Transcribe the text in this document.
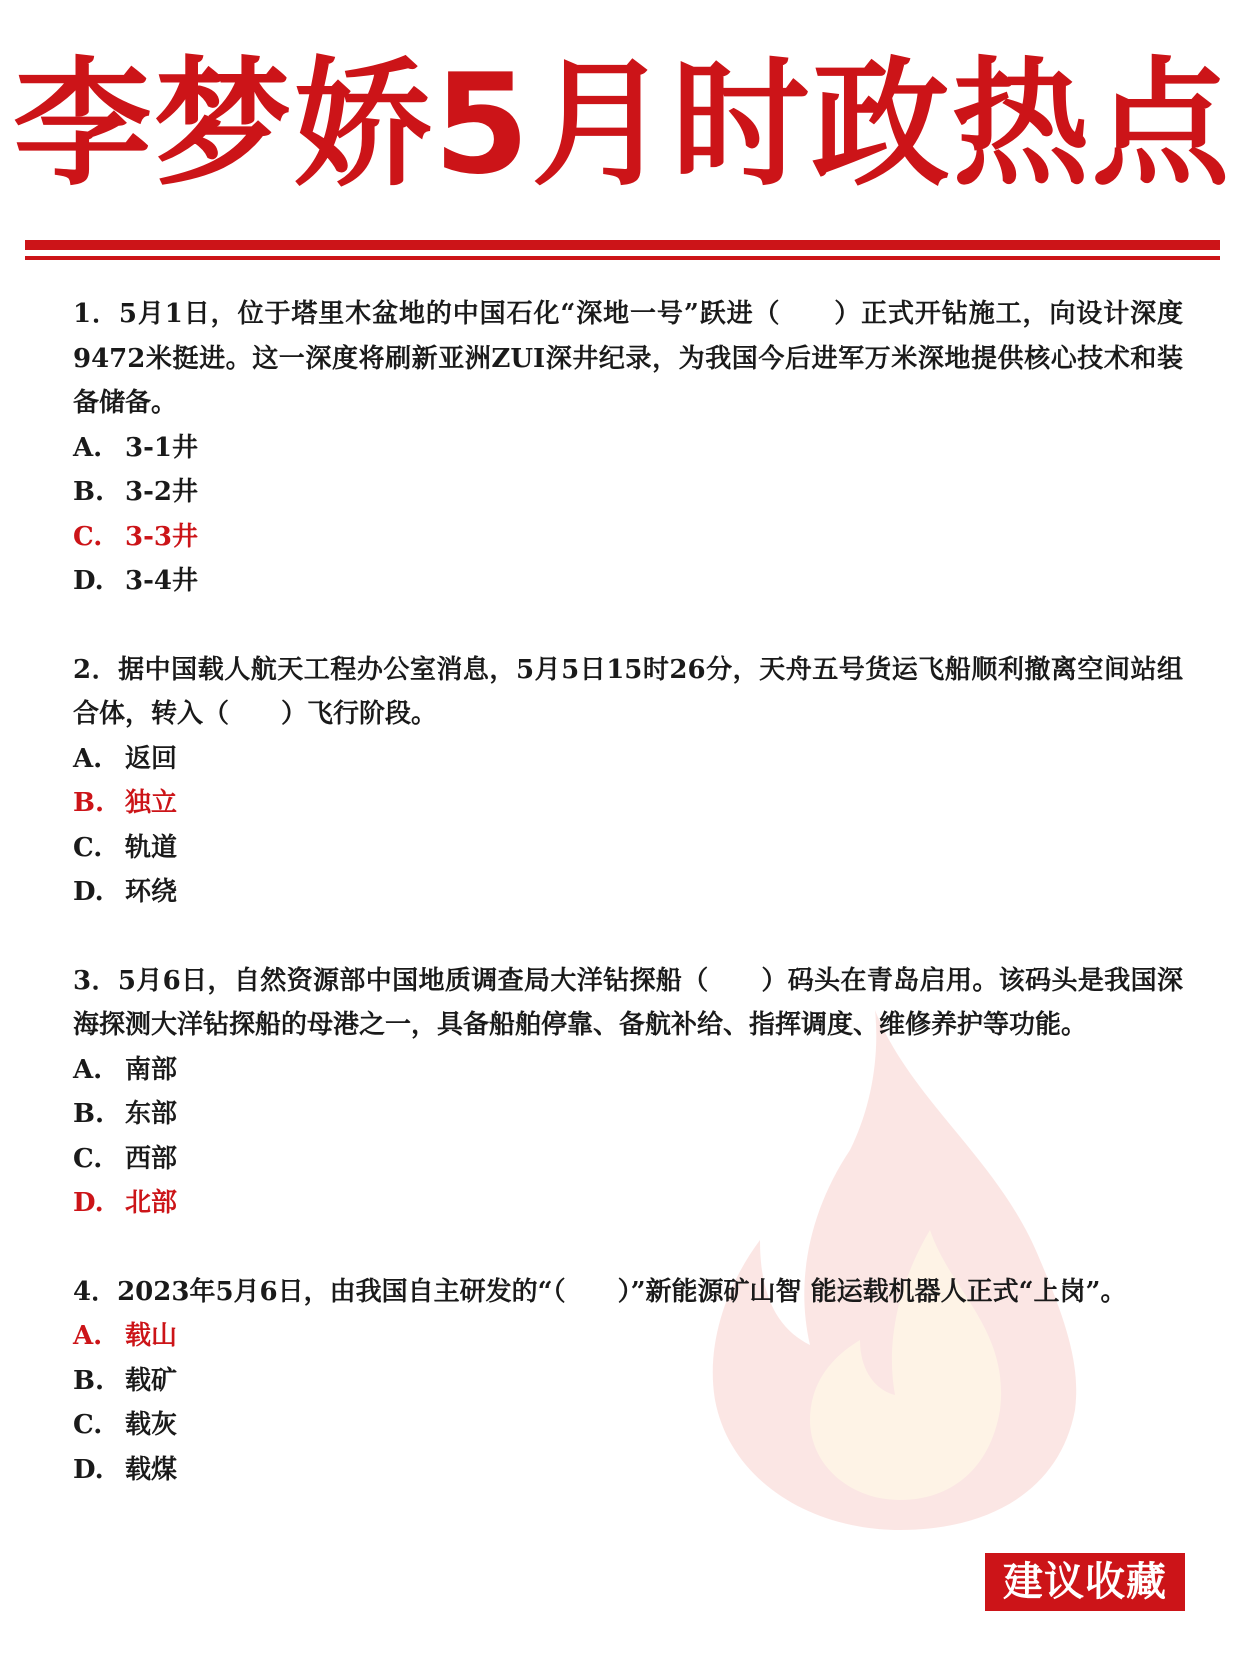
李梦娇5月时政热点

1．5月1日，位于塔里木盆地的中国石化“深地一号”跃进（　　）正式开钻施工，向设计深度9472米挺进。这一深度将刷新亚洲ZUI深井纪录，为我国今后进军万米深地提供核心技术和装备储备。

A. 3-1井

B. 3-2井

C. 3-3井

D. 3-4井

2．据中国载人航天工程办公室消息，5月5日15时26分，天舟五号货运飞船顺利撤离空间站组合体，转入（　　）飞行阶段。

A. 返回

B. 独立

C. 轨道

D. 环绕

3．5月6日，自然资源部中国地质调查局大洋钻探船（　　）码头在青岛启用。该码头是我国深海探测大洋钻探船的母港之一，具备船舶停靠、备航补给、指挥调度、维修养护等功能。

A. 南部

B. 东部

C. 西部

D. 北部

4．2023年5月6日，由我国自主研发的“（　　）”新能源矿山智 能运载机器人正式“上岗”。

A. 载山

B. 载矿

C. 载灰

D. 载煤

建议收藏
